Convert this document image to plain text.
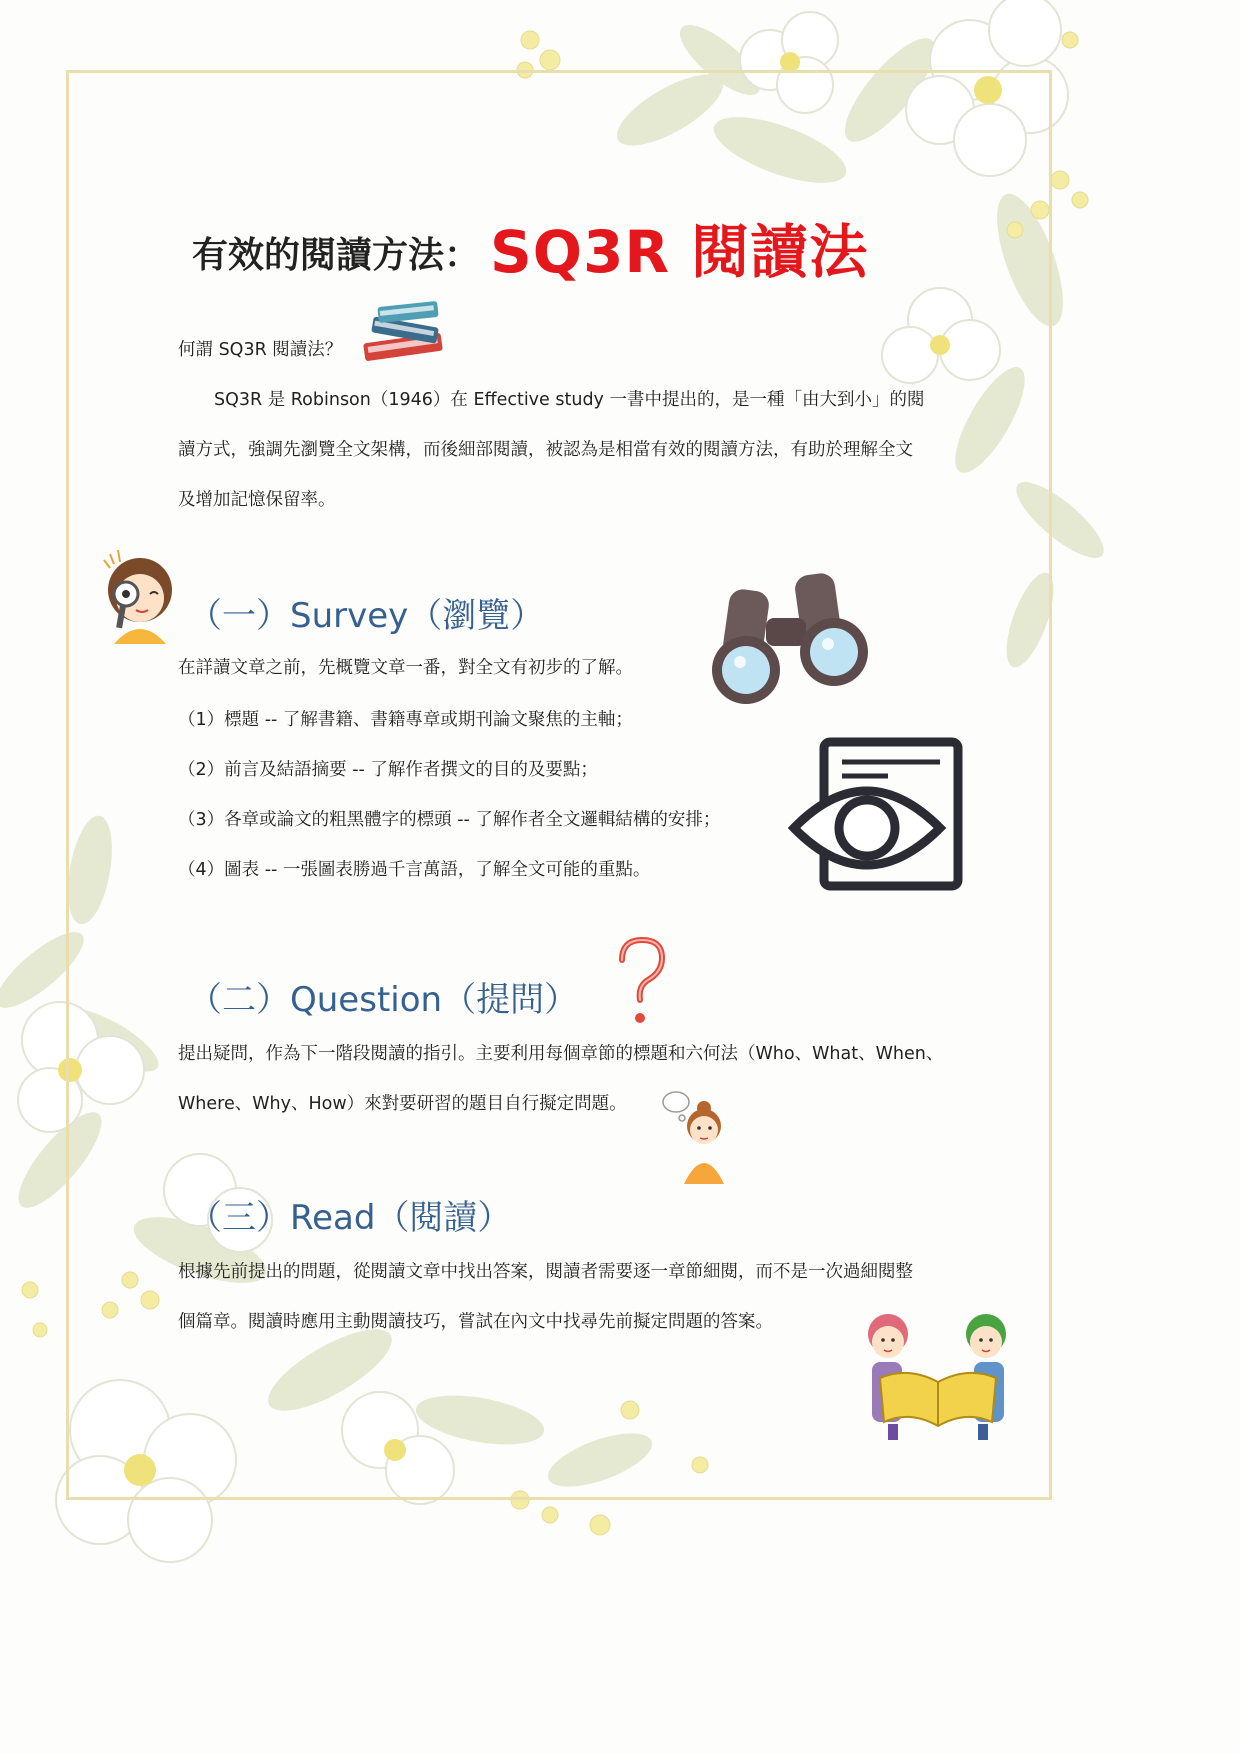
有效的閱讀方法： SQ3R 閱讀法
何謂 SQ3R 閱讀法？
SQ3R 是 Robinson（1946）在 Effective study 一書中提出的，是一種「由大到小」的閱
讀方式，強調先瀏覽全文架構，而後細部閱讀，被認為是相當有效的閱讀方法，有助於理解全文
及增加記憶保留率。
（一）Survey（瀏覽）
在詳讀文章之前，先概覽文章一番，對全文有初步的了解。
（1）標題 -- 了解書籍、書籍專章或期刊論文聚焦的主軸；
（2）前言及結語摘要 -- 了解作者撰文的目的及要點；
（3）各章或論文的粗黑體字的標頭 -- 了解作者全文邏輯結構的安排；
（4）圖表 -- 一張圖表勝過千言萬語，了解全文可能的重點。
（二）Question（提問）
提出疑問，作為下一階段閱讀的指引。主要利用每個章節的標題和六何法（Who、What、When、
Where、Why、How）來對要研習的題目自行擬定問題。
（三）Read（閱讀）
根據先前提出的問題，從閱讀文章中找出答案，閱讀者需要逐一章節細閱，而不是一次過細閱整
個篇章。閱讀時應用主動閱讀技巧，嘗試在內文中找尋先前擬定問題的答案。
